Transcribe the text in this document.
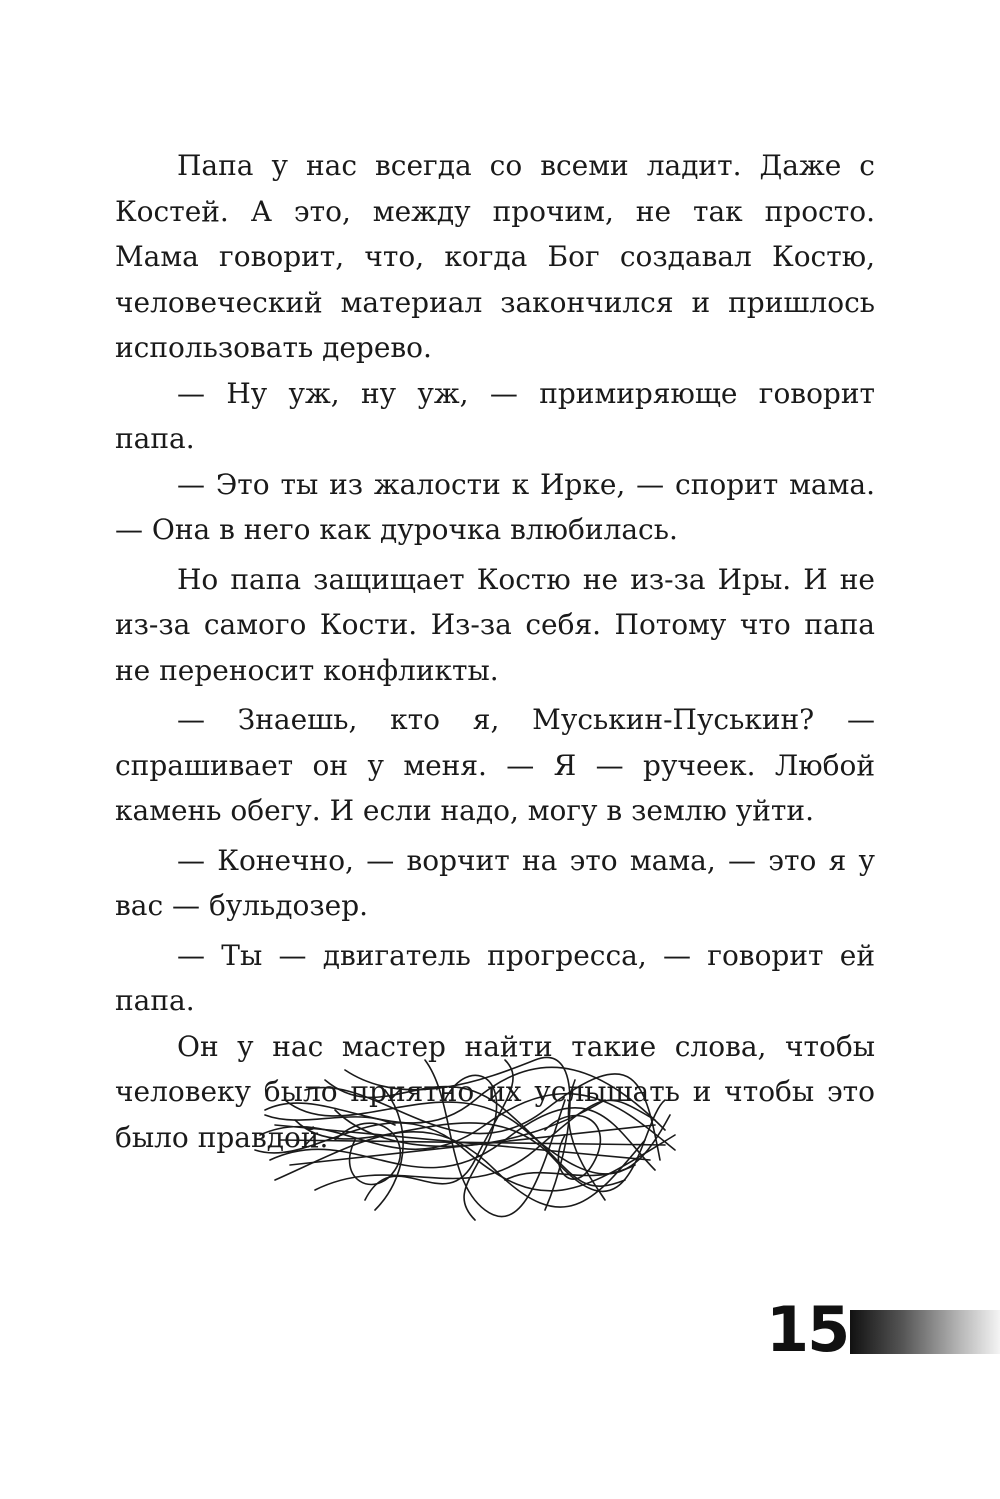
Папа у нас всегда со всеми ладит. Даже с Костей. А это, между прочим, не так просто. Мама говорит, что, когда Бог создавал Костю, человеческий материал закончился и пришлось использовать дерево.

— Ну уж, ну уж, — примиряюще говорит папа.

— Это ты из жалости к Ирке, — спорит мама. — Она в него как дурочка влюбилась.

Но папа защищает Костю не из-за Иры. И не из-за самого Кости. Из-за себя. Потому что папа не переносит конфликты.

— Знаешь, кто я, Муськин-Пуськин? — спрашивает он у меня. — Я — ручеек. Любой камень обегу. И если надо, могу в землю уйти.

— Конечно, — ворчит на это мама, — это я у вас — бульдозер.

— Ты — двигатель прогресса, — говорит ей папа.

Он у нас мастер найти такие слова, чтобы человеку было приятно их услышать и чтобы это было правдой.

15
